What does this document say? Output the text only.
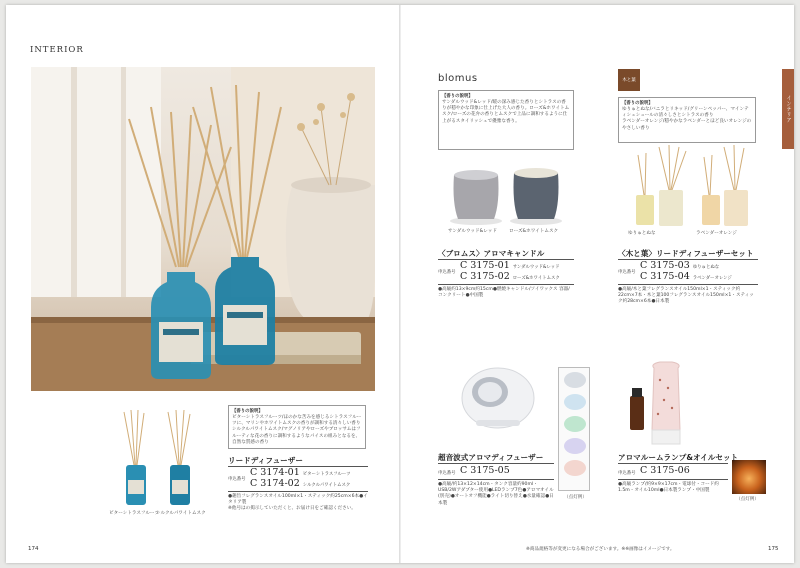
INTERIOR
ビターシトラスフルーツ
シルクルパワイトムスク
【香りの説明】
ビターシトラスフルーツ/ほのかな苦みを感じるシトラスフルーツに、マリンやホワイトムスクの香りが調和する清々しい香り
シルクルパワイトムスク/マグノリアやローズやブロッサムはフルーティな花の香りに調和するようなパイスの組みとなるを、自然な質感の香り
リードディフューザー
申込番号
C 3174-01 ビターシトラスフルーツ
C 3174-02 シルクルパワイトムスク
●趣旨フレグランスオイル100ml×1・スティック約25cm×6本●イタリア製
※他号はの掲示していただくと、お届け日をご確認ください。
174
インテリア
blomus
【香りの説明】
サンダルウッド&レッド/暖の深み感じた香りとシトラスの香りが穏やかな印象に仕上げた大人の香り。ローズ&ホワイトムスク/ローズの花弁の香りとムスクで上品に調和するように仕上がるスタイリッシュで優雅な香り。
サンダルウッド&レッド	ローズ&ホワイトムスク
〈ブロムス〉アロマキャンドル
申込番号
C 3175-01 サンダルウッド&レッド
C 3175-02 ローズ&ホワイトムスク
●高級約13×9cm約15cm●燃焼キャンドル/ソイワックス 容器/コンクリート●中国製
木と葉
【香りの説明】
ゆりゅとぬな/バニラとリキッド/グリーンペッパー、マインティシュシュールの清々しさとシトラスの香り
ラベンダーオレンジ/穏やかなラベンダーとほど良いオレンジのやさしい香り
ゆりゅとぬな	ラベンダーオレンジ
〈木と葉〉リードディフューザーセット
申込番号
C 3175-03 ゆりゅとぬな
C 3175-04 ラベンダーオレンジ
●高級/木と葉フレグランスオイル150ml×1・スティック約22cm×7本・木と葉100フレグランスオイル150ml×1・スティック約28cm×6本●日本製
（点灯例）
超音波式アロマディフューザー
申込番号 C 3175-05
●高級/約13×12×14cm・タンク容量約90ml・USB/2Wアダプター使用●LEDランプ7色●アロマオイル(別売)●オートオフ機能●ライト切り替え●水量確認●日本製
（点灯例）
アロマルームランプ&オイルセット
申込番号 C 3175-06
●高級ランプ/約9×9×17cm・電球付・コード約1.5m・オイル10ml●日本製ランプ・中国製
※商品規格等が変更になる場合がございます。※※画像はイメージです。	175
